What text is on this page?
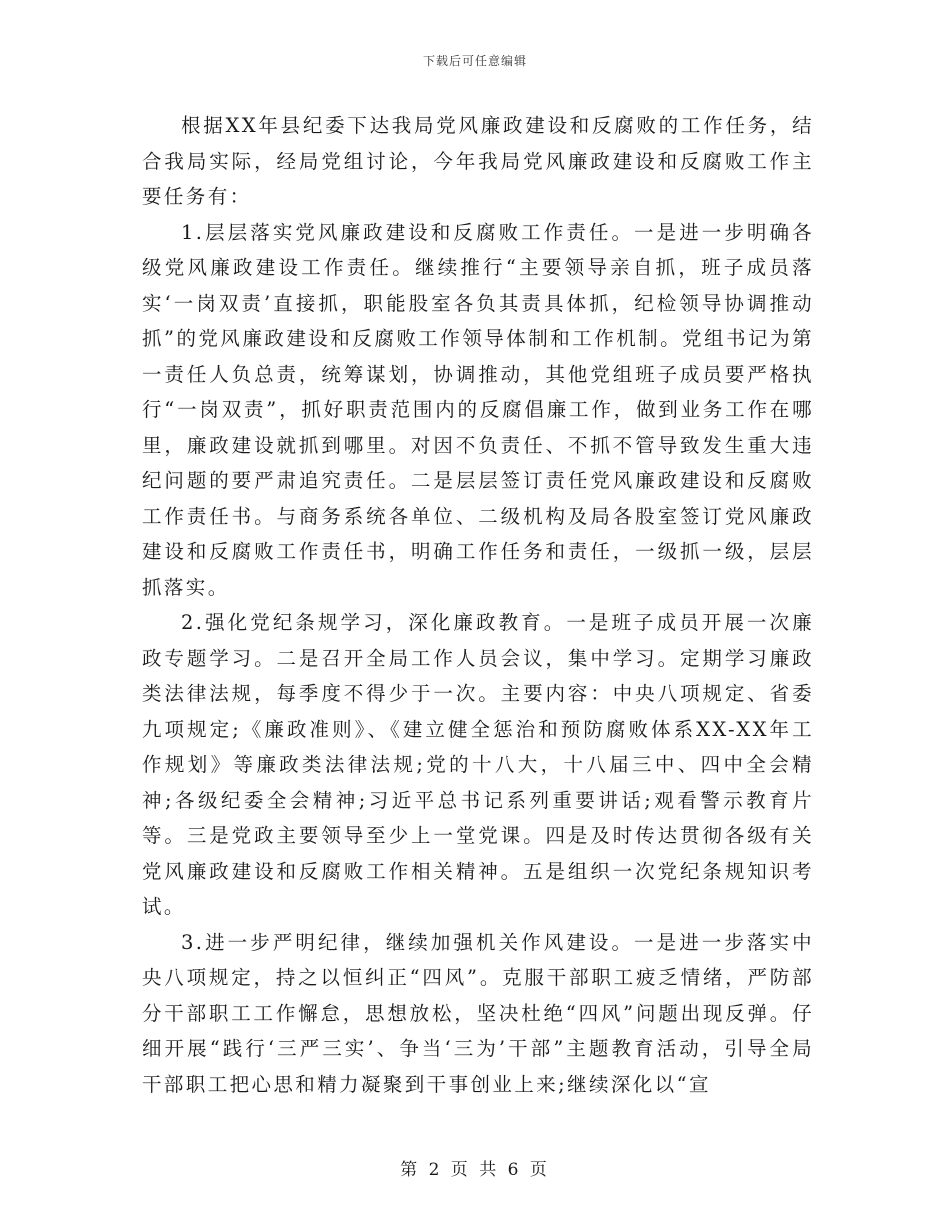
下载后可任意编辑

根据XX年县纪委下达我局党风廉政建设和反腐败的工作任务，结合我局实际，经局党组讨论，今年我局党风廉政建设和反腐败工作主要任务有：

1.层层落实党风廉政建设和反腐败工作责任。一是进一步明确各级党风廉政建设工作责任。继续推行“主要领导亲自抓，班子成员落实‘一岗双责’直接抓，职能股室各负其责具体抓，纪检领导协调推动抓”的党风廉政建设和反腐败工作领导体制和工作机制。党组书记为第一责任人负总责，统筹谋划，协调推动，其他党组班子成员要严格执行“一岗双责”，抓好职责范围内的反腐倡廉工作，做到业务工作在哪里，廉政建设就抓到哪里。对因不负责任、不抓不管导致发生重大违纪问题的要严肃追究责任。二是层层签订责任党风廉政建设和反腐败工作责任书。与商务系统各单位、二级机构及局各股室签订党风廉政建设和反腐败工作责任书，明确工作任务和责任，一级抓一级，层层抓落实。

2.强化党纪条规学习，深化廉政教育。一是班子成员开展一次廉政专题学习。二是召开全局工作人员会议，集中学习。定期学习廉政类法律法规，每季度不得少于一次。主要内容：中央八项规定、省委九项规定;《廉政准则》、《建立健全惩治和预防腐败体系XX-XX年工作规划》等廉政类法律法规;党的十八大，十八届三中、四中全会精神;各级纪委全会精神;习近平总书记系列重要讲话;观看警示教育片等。三是党政主要领导至少上一堂党课。四是及时传达贯彻各级有关党风廉政建设和反腐败工作相关精神。五是组织一次党纪条规知识考试。

3.进一步严明纪律，继续加强机关作风建设。一是进一步落实中央八项规定，持之以恒纠正“四风”。克服干部职工疲乏情绪，严防部分干部职工工作懈怠，思想放松，坚决杜绝“四风”问题出现反弹。仔细开展“践行‘三严三实’、争当‘三为’干部”主题教育活动，引导全局干部职工把心思和精力凝聚到干事创业上来;继续深化以“宣

第 2 页 共 6 页
